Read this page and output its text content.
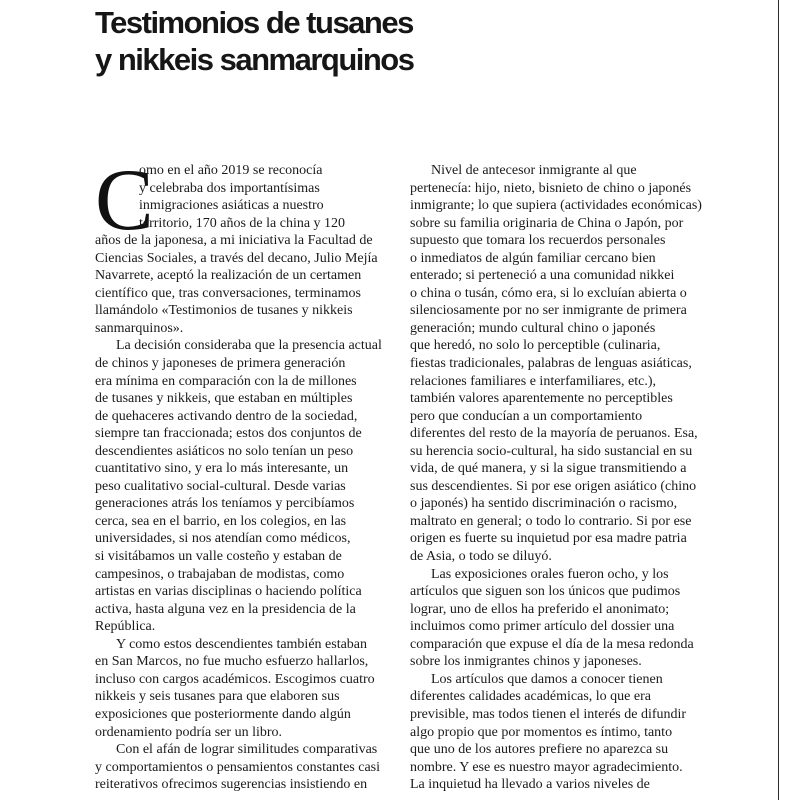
Testimonios de tusanes
y nikkeis sanmarquinos
C
omo en el año 2019 se reconocía
y celebraba dos importantísimas
inmigraciones asiáticas a nuestro
territorio, 170 años de la china y 120
años de la japonesa, a mi iniciativa la Facultad de
Ciencias Sociales, a través del decano, Julio Mejía
Navarrete, aceptó la realización de un certamen
científico que, tras conversaciones, terminamos
llamándolo «Testimonios de tusanes y nikkeis
sanmarquinos».
La decisión consideraba que la presencia actual
de chinos y japoneses de primera generación
era mínima en comparación con la de millones
de tusanes y nikkeis, que estaban en múltiples
de quehaceres activando dentro de la sociedad,
siempre tan fraccionada; estos dos conjuntos de
descendientes asiáticos no solo tenían un peso
cuantitativo sino, y era lo más interesante, un
peso cualitativo social-cultural. Desde varias
generaciones atrás los teníamos y percibíamos
cerca, sea en el barrio, en los colegios, en las
universidades, si nos atendían como médicos,
si visitábamos un valle costeño y estaban de
campesinos, o trabajaban de modistas, como
artistas en varias disciplinas o haciendo política
activa, hasta alguna vez en la presidencia de la
República.
Y como estos descendientes también estaban
en San Marcos, no fue mucho esfuerzo hallarlos,
incluso con cargos académicos. Escogimos cuatro
nikkeis y seis tusanes para que elaboren sus
exposiciones que posteriormente dando algún
ordenamiento podría ser un libro.
Con el afán de lograr similitudes comparativas
y comportamientos o pensamientos constantes casi
reiterativos ofrecimos sugerencias insistiendo en
Nivel de antecesor inmigrante al que
pertenecía: hijo, nieto, bisnieto de chino o japonés
inmigrante; lo que supiera (actividades económicas)
sobre su familia originaria de China o Japón, por
supuesto que tomara los recuerdos personales
o inmediatos de algún familiar cercano bien
enterado; si perteneció a una comunidad nikkei
o china o tusán, cómo era, si lo excluían abierta o
silenciosamente por no ser inmigrante de primera
generación; mundo cultural chino o japonés
que heredó, no solo lo perceptible (culinaria,
fiestas tradicionales, palabras de lenguas asiáticas,
relaciones familiares e interfamiliares, etc.),
también valores aparentemente no perceptibles
pero que conducían a un comportamiento
diferentes del resto de la mayoría de peruanos. Esa,
su herencia socio-cultural, ha sido sustancial en su
vida, de qué manera, y si la sigue transmitiendo a
sus descendientes. Si por ese origen asiático (chino
o japonés) ha sentido discriminación o racismo,
maltrato en general; o todo lo contrario. Si por ese
origen es fuerte su inquietud por esa madre patria
de Asia, o todo se diluyó.
Las exposiciones orales fueron ocho, y los
artículos que siguen son los únicos que pudimos
lograr, uno de ellos ha preferido el anonimato;
incluimos como primer artículo del dossier una
comparación que expuse el día de la mesa redonda
sobre los inmigrantes chinos y japoneses.
Los artículos que damos a conocer tienen
diferentes calidades académicas, lo que era
previsible, mas todos tienen el interés de difundir
algo propio que por momentos es íntimo, tanto
que uno de los autores prefiere no aparezca su
nombre. Y ese es nuestro mayor agradecimiento.
La inquietud ha llevado a varios niveles de
